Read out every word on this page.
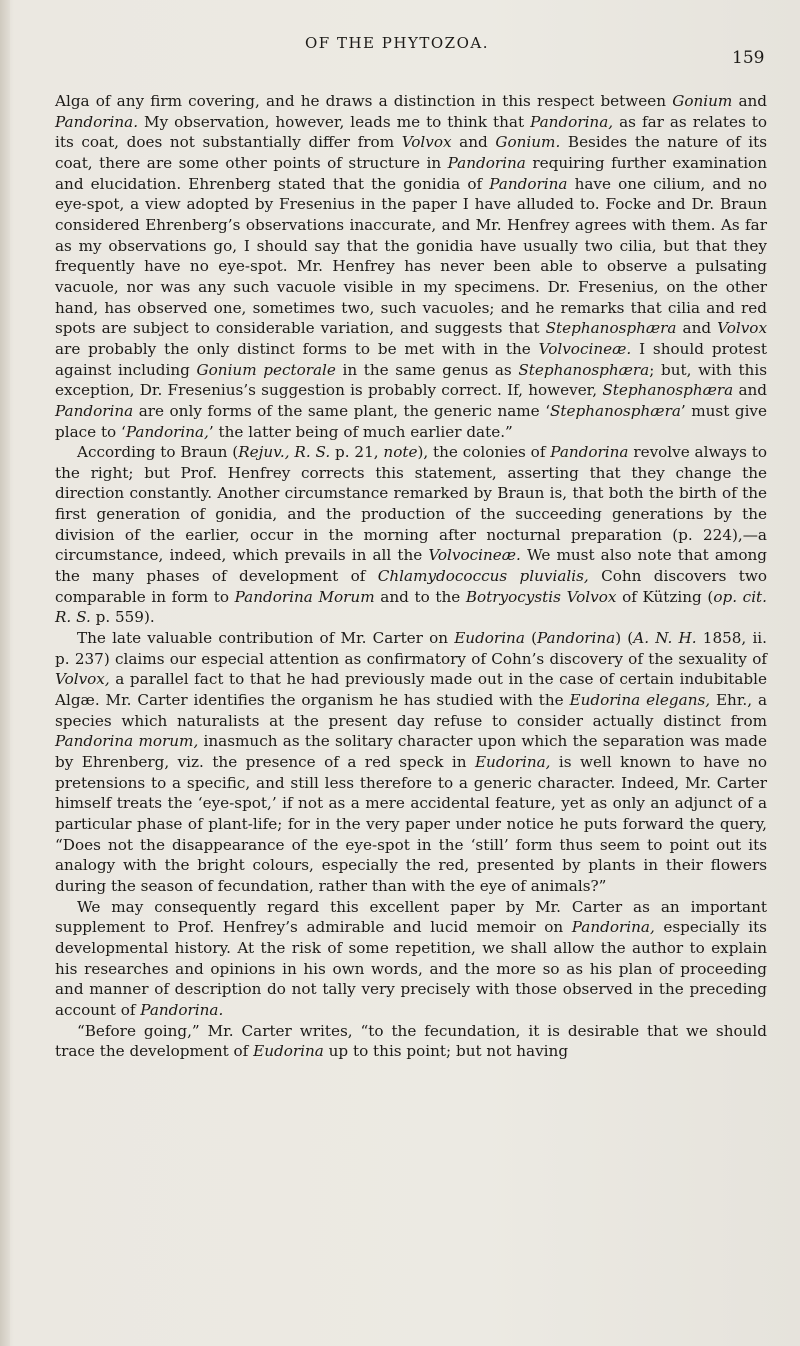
OF THE PHYTOZOA.
159

Alga of any firm covering, and he draws a distinction in this respect between Gonium and Pandorina. My observation, however, leads me to think that Pandorina, as far as relates to its coat, does not substantially differ from Volvox and Gonium. Besides the nature of its coat, there are some other points of structure in Pandorina requiring further examination and elucidation. Ehrenberg stated that the gonidia of Pandorina have one cilium, and no eye-spot, a view adopted by Fresenius in the paper I have alluded to. Focke and Dr. Braun considered Ehrenberg’s observations inaccurate, and Mr. Henfrey agrees with them. As far as my observations go, I should say that the gonidia have usually two cilia, but that they frequently have no eye-spot. Mr. Henfrey has never been able to observe a pulsating vacuole, nor was any such vacuole visible in my specimens. Dr. Fresenius, on the other hand, has observed one, sometimes two, such vacuoles; and he remarks that cilia and red spots are subject to considerable variation, and suggests that Stephanosphæra and Volvox are probably the only distinct forms to be met with in the Volvocineæ. I should protest against including Gonium pectorale in the same genus as Stephanosphæra; but, with this exception, Dr. Fresenius’s suggestion is probably correct. If, however, Stephanosphæra and Pandorina are only forms of the same plant, the generic name ‘Stephanosphæra’ must give place to ‘Pandorina,’ the latter being of much earlier date.”

According to Braun (Rejuv., R. S. p. 21, note), the colonies of Pandorina revolve always to the right; but Prof. Henfrey corrects this statement, asserting that they change the direction constantly. Another circumstance remarked by Braun is, that both the birth of the first generation of gonidia, and the production of the succeeding generations by the division of the earlier, occur in the morning after nocturnal preparation (p. 224),—a circumstance, indeed, which prevails in all the Volvocineæ. We must also note that among the many phases of development of Chlamydococcus pluvialis, Cohn discovers two comparable in form to Pandorina Morum and to the Botryocystis Volvox of Kützing (op. cit. R. S. p. 559).

The late valuable contribution of Mr. Carter on Eudorina (Pandorina) (A. N. H. 1858, ii. p. 237) claims our especial attention as confirmatory of Cohn’s discovery of the sexuality of Volvox, a parallel fact to that he had previously made out in the case of certain indubitable Algæ. Mr. Carter identifies the organism he has studied with the Eudorina elegans, Ehr., a species which naturalists at the present day refuse to consider actually distinct from Pandorina morum, inasmuch as the solitary character upon which the separation was made by Ehrenberg, viz. the presence of a red speck in Eudorina, is well known to have no pretensions to a specific, and still less therefore to a generic character. Indeed, Mr. Carter himself treats the ‘eye-spot,’ if not as a mere accidental feature, yet as only an adjunct of a particular phase of plant-life; for in the very paper under notice he puts forward the query, “Does not the disappearance of the eye-spot in the ‘still’ form thus seem to point out its analogy with the bright colours, especially the red, presented by plants in their flowers during the season of fecundation, rather than with the eye of animals?”

We may consequently regard this excellent paper by Mr. Carter as an important supplement to Prof. Henfrey’s admirable and lucid memoir on Pandorina, especially its developmental history. At the risk of some repetition, we shall allow the author to explain his researches and opinions in his own words, and the more so as his plan of proceeding and manner of description do not tally very precisely with those observed in the preceding account of Pandorina.

“Before going,” Mr. Carter writes, “to the fecundation, it is desirable that we should trace the development of Eudorina up to this point; but not having
